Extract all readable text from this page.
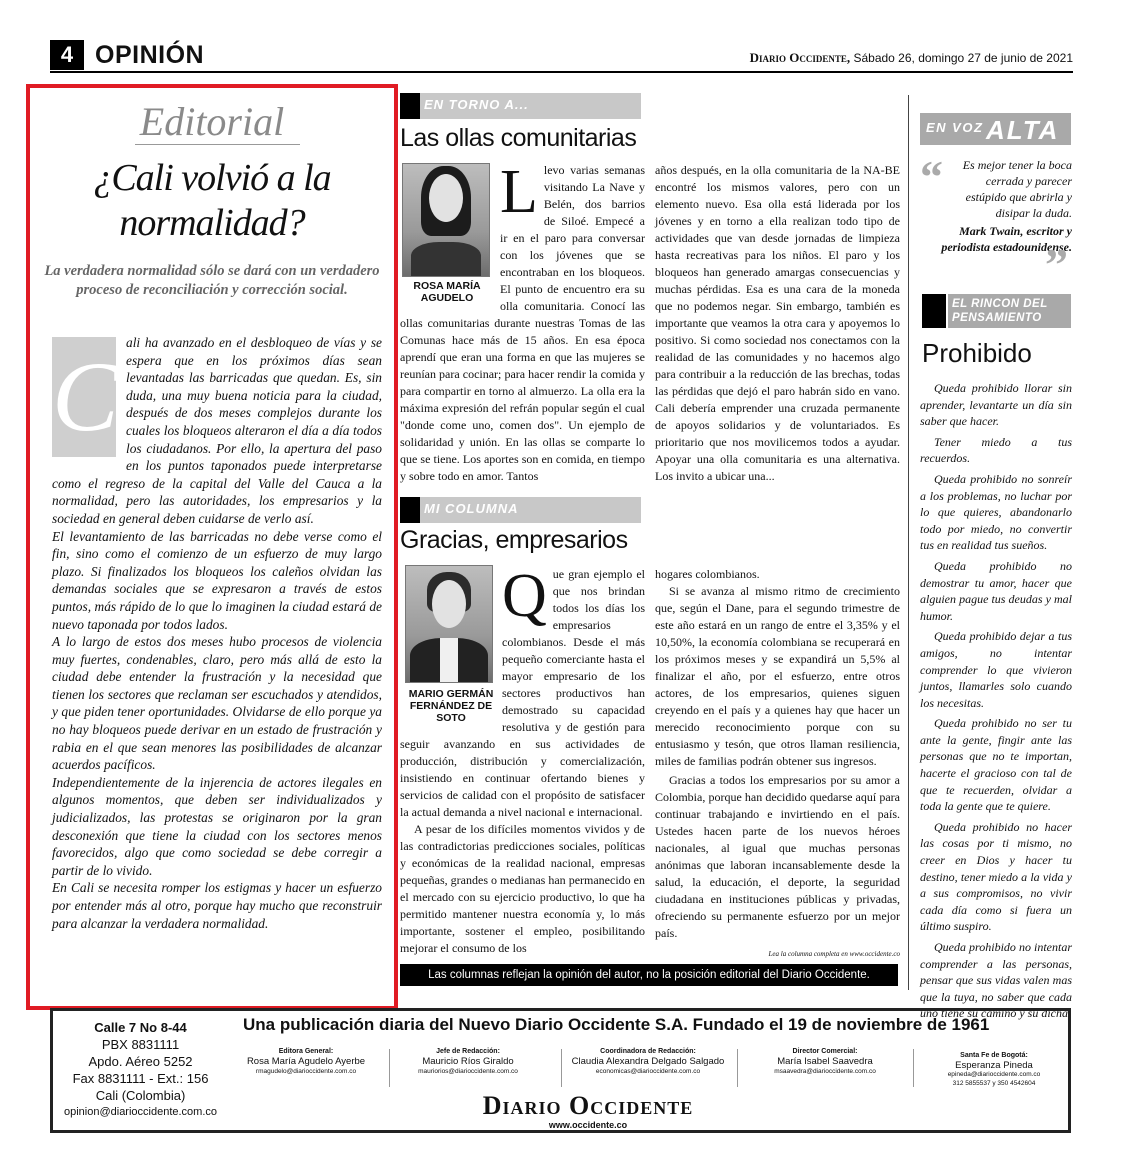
4 OPINIÓN	Diario Occidente, Sábado 26, domingo 27 de junio de 2021
Editorial
¿Cali volvió a la normalidad?
La verdadera normalidad sólo se dará con un verdadero proceso de reconciliación y corrección social.

C ali ha avanzado en el desbloqueo de vías y se espera que en los próximos días sean levantadas las barricadas que quedan. Es, sin duda, una muy buena noticia para la ciudad, después de dos meses complejos durante los cuales los bloqueos alteraron el día a día todos los ciudadanos. Por ello, la apertura del paso en los puntos taponados puede interpretarse como el regreso de la capital del Valle del Cauca a la normalidad, pero las autoridades, los empresarios y la sociedad en general deben cuidarse de verlo así.

El levantamiento de las barricadas no debe verse como el fin, sino como el comienzo de un esfuerzo de muy largo plazo. Si finalizados los bloqueos los caleños olvidan las demandas sociales que se expresaron a través de estos puntos, más rápido de lo que lo imaginen la ciudad estará de nuevo taponada por todos lados.

A lo largo de estos dos meses hubo procesos de violencia muy fuertes, condenables, claro, pero más allá de esto la ciudad debe entender la frustración y la necesidad que tienen los sectores que reclaman ser escuchados y atendidos, y que piden tener oportunidades. Olvidarse de ello porque ya no hay bloqueos puede derivar en un estado de frustración y rabia en el que sean menores las posibilidades de alcanzar acuerdos pacíficos.

Independientemente de la injerencia de actores ilegales en algunos momentos, que deben ser individualizados y judicializados, las protestas se originaron por la gran desconexión que tiene la ciudad con los sectores menos favorecidos, algo que como sociedad se debe corregir a partir de lo vivido.

En Cali se necesita romper los estigmas y hacer un esfuerzo por entender más al otro, porque hay mucho que reconstruir para alcanzar la verdadera normalidad.

EN TORNO A...
Las ollas comunitarias
ROSA MARÍA AGUDELO
Llevo varias semanas visitando La Nave y Belén, dos barrios de Siloé. Empecé a ir en el paro para conversar con los jóvenes que se encontraban en los bloqueos. El punto de encuentro era su olla comunitaria. Conocí las ollas comunitarias durante nuestras Tomas de las Comunas hace más de 15 años. En esa época aprendí que eran una forma en que las mujeres se reunían para cocinar; para hacer rendir la comida y para compartir en torno al almuerzo. La olla era la máxima expresión del refrán popular según el cual "donde come uno, comen dos". Un ejemplo de solidaridad y unión. En las ollas se comparte lo que se tiene. Los aportes son en comida, en tiempo y sobre todo en amor. Tantos
años después, en la olla comunitaria de la NA-BE encontré los mismos valores, pero con un elemento nuevo. Esa olla está liderada por los jóvenes y en torno a ella realizan todo tipo de actividades que van desde jornadas de limpieza hasta recreativas para los niños. El paro y los bloqueos han generado amargas consecuencias y muchas pérdidas. Esa es una cara de la moneda que no podemos negar. Sin embargo, también es importante que veamos la otra cara y apoyemos lo positivo. Si como sociedad nos conectamos con la realidad de las comunidades y no hacemos algo para contribuir a la reducción de las brechas, todas las pérdidas que dejó el paro habrán sido en vano. Cali debería emprender una cruzada permanente de apoyos solidarios y de voluntariados. Es prioritario que nos movilicemos todos a ayudar. Apoyar una olla comunitaria es una alternativa. Los invito a ubicar una...
MI COLUMNA
Gracias, empresarios
MARIO GERMÁN FERNÁNDEZ DE SOTO

Que gran ejemplo el que nos brindan todos los días los empresarios colombianos. Desde el más pequeño comerciante hasta el mayor empresario de los sectores productivos han demostrado su capacidad resolutiva y de gestión para seguir avanzando en sus actividades de producción, distribución y comercialización, insistiendo en continuar ofertando bienes y servicios de calidad con el propósito de satisfacer la actual demanda a nivel nacional e internacional.

A pesar de los difíciles momentos vividos y de las contradictorias predicciones sociales, políticas y económicas de la realidad nacional, empresas pequeñas, grandes o medianas han permanecido en el mercado con su ejercicio productivo, lo que ha permitido mantener nuestra economía y, lo más importante, sostener el empleo, posibilitando mejorar el consumo de los

hogares colombianos.

Si se avanza al mismo ritmo de crecimiento que, según el Dane, para el segundo trimestre de este año estará en un rango de entre el 3,35% y el 10,50%, la economía colombiana se recuperará en los próximos meses y se expandirá un 5,5% al finalizar el año, por el esfuerzo, entre otros actores, de los empresarios, quienes siguen creyendo en el país y a quienes hay que hacer un merecido reconocimiento porque con su entusiasmo y tesón, que otros llaman resiliencia, miles de familias podrán obtener sus ingresos.

Gracias a todos los empresarios por su amor a Colombia, porque han decidido quedarse aquí para continuar trabajando e invirtiendo en el país. Ustedes hacen parte de los nuevos héroes nacionales, al igual que muchas personas anónimas que laboran incansablemente desde la salud, la educación, el deporte, la seguridad ciudadana en instituciones públicas y privadas, ofreciendo su permanente esfuerzo por un mejor país.

Lea la columna completa en www.occidente.co

EN VOZ ALTA
“	Es mejor tener la boca cerrada y parecer estúpido que abrirla y disipar la duda.
Mark Twain, escritor y periodista estadounidense.
”
EL RINCON DEL
PENSAMIENTO
Prohibido

Queda prohibido llorar sin aprender, levantarte un día sin saber que hacer.

Tener miedo a tus recuerdos.

Queda prohibido no sonreír a los problemas, no luchar por lo que quieres, abandonarlo todo por miedo, no convertir tus en realidad tus sueños.

Queda prohibido no demostrar tu amor, hacer que alguien pague tus deudas y mal humor.

Queda prohibido dejar a tus amigos, no intentar comprender lo que vivieron juntos, llamarles solo cuando los necesitas.

Queda prohibido no ser tu ante la gente, fingir ante las personas que no te importan, hacerte el gracioso con tal de que te recuerden, olvidar a toda la gente que te quiere.

Queda prohibido no hacer las cosas por ti mismo, no creer en Dios y hacer tu destino, tener miedo a la vida y a sus compromisos, no vivir cada día como si fuera un último suspiro.

Queda prohibido no intentar comprender a las personas, pensar que sus vidas valen mas que la tuya, no saber que cada uno tiene su camino y su dicha.

Las columnas reflejan la opinión del autor, no la posición editorial del Diario Occidente.
Calle 7 No 8-44
PBX 8831111
Apdo. Aéreo 5252
Fax 8831111 - Ext.: 156
Cali (Colombia)
opinion@diarioccidente.com.co
Una publicación diaria del Nuevo Diario Occidente S.A. Fundado el 19 de noviembre de 1961
Editora General:
Rosa María Agudelo Ayerbe
rmagudelo@diarioccidente.com.co
Jefe de Redacción:
Mauricio Ríos Giraldo
mauriorios@diarioccidente.com.co
Coordinadora de Redacción:
Claudia Alexandra Delgado Salgado
economicas@diarioccidente.com.co
Director Comercial:
María Isabel Saavedra
msaavedra@diarioccidente.com.co
Santa Fe de Bogotá:
Esperanza Pineda
epineda@diarioccidente.com.co
312 5855537 y 350 4542604
Diario Occidente
www.occidente.co
